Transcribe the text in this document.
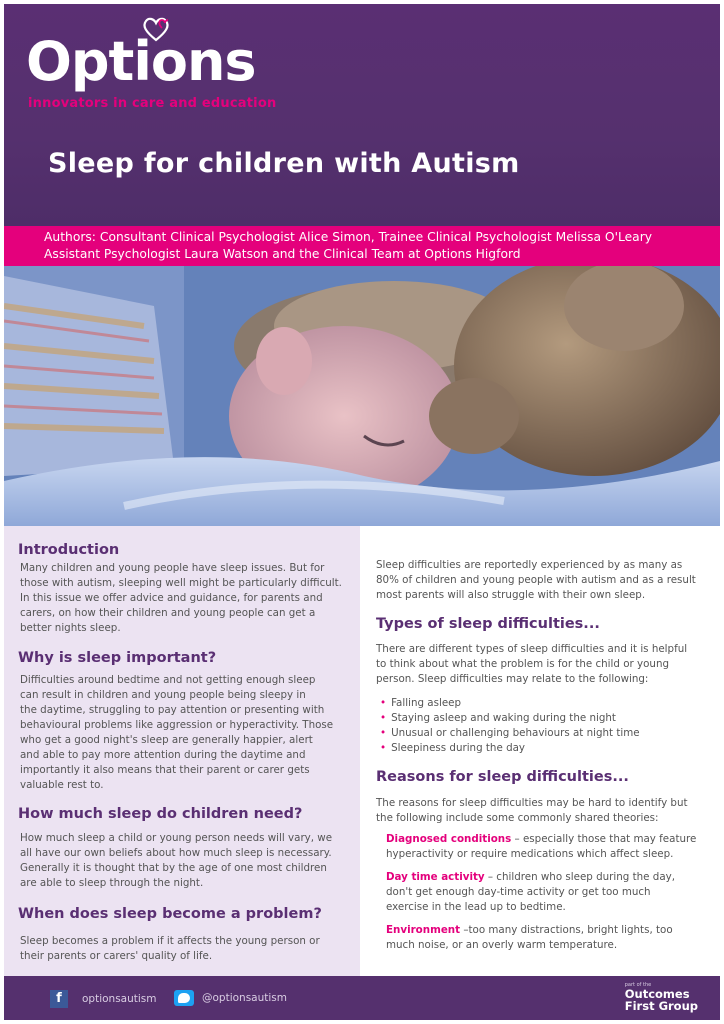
Options
innovators in care and education
Sleep for children with Autism

Authors: Consultant Clinical Psychologist Alice Simon, Trainee Clinical Psychologist Melissa O'Leary

Assistant Psychologist Laura Watson and the Clinical Team at Options Higford

Introduction
Many children and young people have sleep issues. But for
those with autism, sleeping well might be particularly difficult.
In this issue we offer advice and guidance, for parents and
carers, on how their children and young people can get a
better nights sleep.
Why is sleep important?
Difficulties around bedtime and not getting enough sleep
can result in children and young people being sleepy in
the daytime, struggling to pay attention or presenting with
behavioural problems like aggression or hyperactivity. Those
who get a good night's sleep are generally happier, alert
and able to pay more attention during the daytime and
importantly it also means that their parent or carer gets
valuable rest to.
How much sleep do children need?
How much sleep a child or young person needs will vary, we
all have our own beliefs about how much sleep is necessary.
Generally it is thought that by the age of one most children
are able to sleep through the night.
When does sleep become a problem?
Sleep becomes a problem if it affects the young person or
their parents or carers' quality of life.
Sleep difficulties are reportedly experienced by as many as
80% of children and young people with autism and as a result
most parents will also struggle with their own sleep.
Types of sleep difficulties...
There are different types of sleep difficulties and it is helpful
to think about what the problem is for the child or young
person. Sleep difficulties may relate to the following:
• Falling asleep
• Staying asleep and waking during the night
• Unusual or challenging behaviours at night time
• Sleepiness during the day
Reasons for sleep difficulties...
The reasons for sleep difficulties may be hard to identify but
the following include some commonly shared theories:
Diagnosed conditions – especially those that may feature
hyperactivity or require medications which affect sleep.
Day time activity – children who sleep during the day,
don't get enough day-time activity or get too much
exercise in the lead up to bedtime.
Environment –too many distractions, bright lights, too
much noise, or an overly warm temperature.
f	optionsautism	@optionsautism
part of the
Outcomes
First Group
